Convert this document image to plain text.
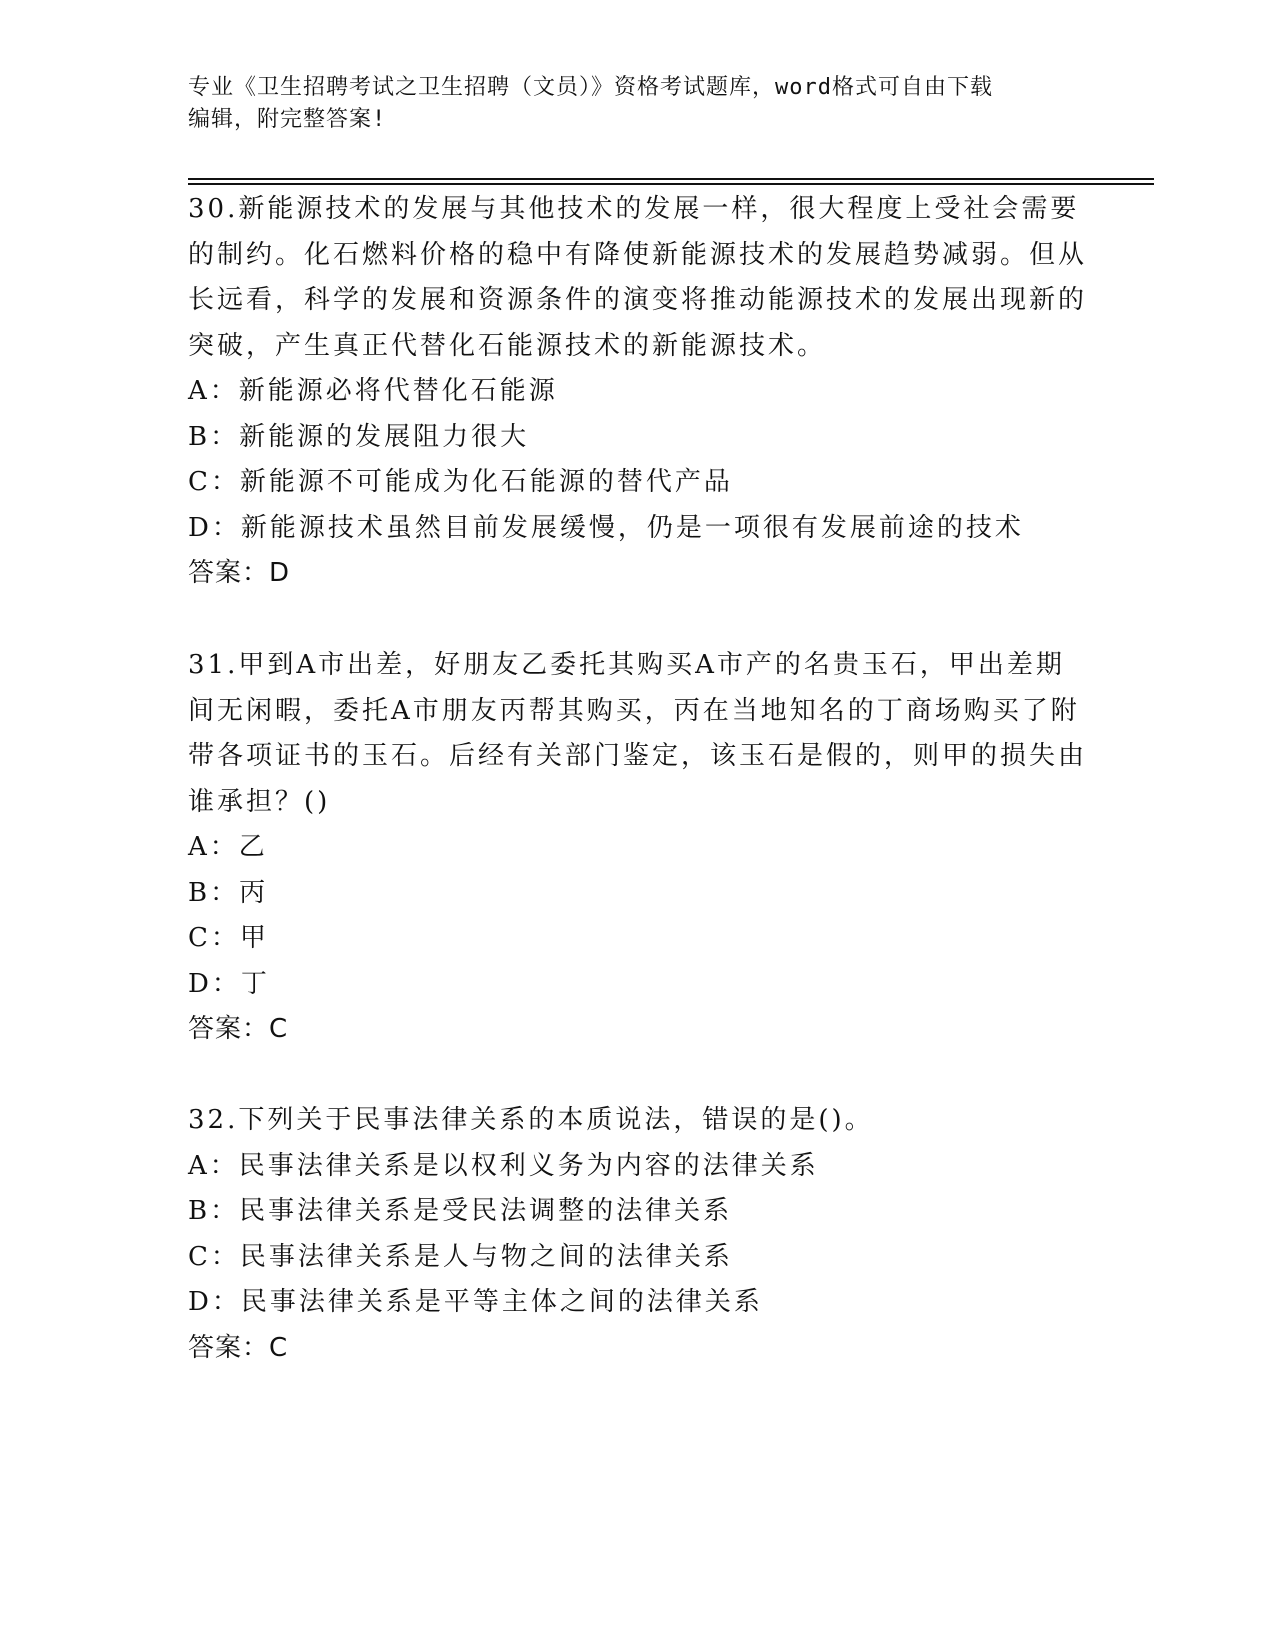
专业《卫生招聘考试之卫生招聘（文员）》资格考试题库，word格式可自由下载
编辑，附完整答案!

30.新能源技术的发展与其他技术的发展一样，很大程度上受社会需要的制约。化石燃料价格的稳中有降使新能源技术的发展趋势减弱。但从长远看，科学的发展和资源条件的演变将推动能源技术的发展出现新的突破，产生真正代替化石能源技术的新能源技术。

A：新能源必将代替化石能源

B：新能源的发展阻力很大

C：新能源不可能成为化石能源的替代产品

D：新能源技术虽然目前发展缓慢，仍是一项很有发展前途的技术

答案：D

31.甲到A市出差，好朋友乙委托其购买A市产的名贵玉石，甲出差期间无闲暇，委托A市朋友丙帮其购买，丙在当地知名的丁商场购买了附带各项证书的玉石。后经有关部门鉴定，该玉石是假的，则甲的损失由谁承担？()

A：乙

B：丙

C：甲

D：丁

答案：C

32.下列关于民事法律关系的本质说法，错误的是()。

A：民事法律关系是以权利义务为内容的法律关系

B：民事法律关系是受民法调整的法律关系

C：民事法律关系是人与物之间的法律关系

D：民事法律关系是平等主体之间的法律关系

答案：C
